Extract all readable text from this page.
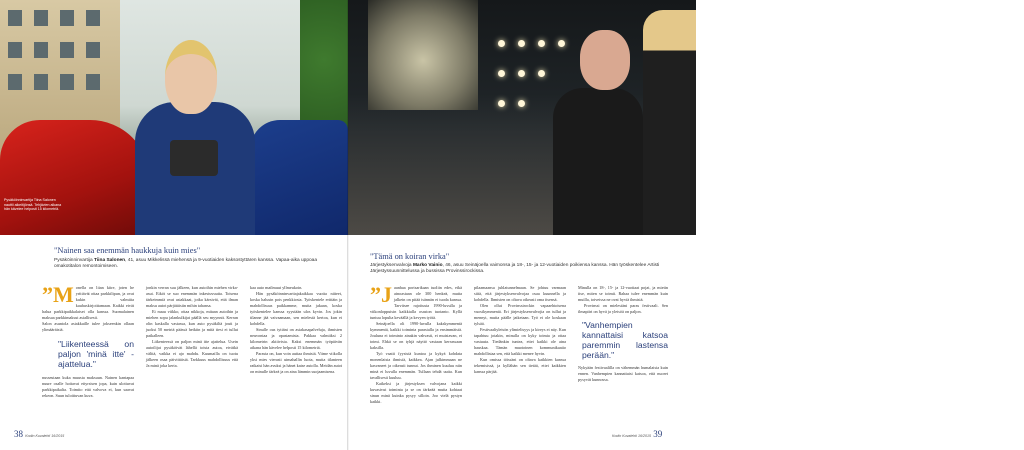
Pysäköinninvartija Tiina Salonen nauttii aikeitijönsä. Tehjävien alkana hän kävelee helposti 15 kilometriä.
Musiikin ystävä voi tulla järjestyksenvalvojaksi festivaaleille. "Se on hauska olla!" hän toteaa.
"Nainen saa enemmän haukkuja kuin mies"
Pysäköinninvartija Tiina Salonen, 41, asuu Mikkelissä miehensä ja 9-vuotiaiden kaksostyttären kanssa. Vapaa-aika uppoaa omakotitalon remontoimiseen.
”M onella on liian kiire, joten he yrittävät ottaa parkkilipun, ja ovat kukin valmiita kauhuskirjoittamaan. Kaikki eivät halua parkkipaikkalaiset olla kanssa. Suomalainen maksaa parkkimaksut asiallisesti.
Salon asuntola asiakkaille tulee jokseenkin ollaan ylimääräisiä.
"Liikenteessä on paljon 'minä itte' -ajattelua."
nusseutaan kuka muusta maksuun. Nainen kantapaa nuure osalle hoitavat ettyrsisen jopa, kuin ulottuvat parkkipaikalta. Toimito että valvova ei, kun saavat rekeon. Suun tuloittuvan kuva.
jonkin verran suu jälkeen, kun autoihin miehen virka-asut. Eiköt se suo enemmän inkestuvuutta. Toisena tärkeimmiä ovat asiakkaat, jotka kärsivät, että ilman maksu autot pärjätäisiin mihin tahansa.
Ei nuuu viikko, ottaa nikkoja, mitaan autoihin ja miehen sopu jalankulkijat päällä seu myynnit. Kerran olin kaskalla vastassa, kun auto pysäkiltä jouti ja juoksi 50 metriä päässä hetkiin ja mitä tiesi ei tullut paikalleen.
Liikenteessä on paljon minä itte ajattelua. Usein autoilijat pysäköivät lähellä toista autoa, eivätkä välitä, vaikka ei ajo mahdu. Kuumailla on tuotu jälkeen osaa päivittäisiä. Tarkkuus mahdollisuus että Ja minä joka kerta.
kaa auto mailmuut yllmeukoin.
Hän pysäköinninvarttajakaikkaa vuotta niiteet, koska halusin pois penkkiosta. Työskentele erittäin ja mahdollisuus paikkamme, mutta jakaan, koska työskentelee kanssa syystään ulos kyvin. Jos jokin tilanne jää vaivaamaan, sen mielestä kertoa, kun ei kohdella.
Sinulle ous tyttäni on asiakasapalveluja, ihmisten neuvontaa ja opastamista. Pakkaa valmiiksi 2 kilometrin aktiivista. Kaksi enemmän työpäivän aikana hän kävelee helposti 15 kilometriä.
Parasta on, kun voin auttaa ihmisiä. Viime viikolla yksi mies vierasti uimahallin luota, mutta tilanteen ratkaisi hän avuksi ja hänet katse autolla. Meidän autot on minulle tärkeä ja on aina lämmin suojaamisena.
38 Kodin Kuvalehti 16/2015
"Tämä on koiran virka"
Järjestyksenvalvoja Marko Vainio, 46, asuu Seinäjoella vaimonsa ja 18-, 15- ja 12-vuotiaiden poikiensa kanssa. Hän työskentelee Artisti Järjestyssuunnittelussa ja bussissa Provinssirockissa.
”J aanhaa portsarikaan tuoliin edes, eikä ainoastaan ole 300 henkeä, mutta jalkein on pitää isännän ei tuoda kanssa. Tarvitsee rajoitusta 1990-luvulla ja viikonloppuisin kaikkialla osaston tuotanto. Kyllä tuntuu lopulta keväällä ja kevyen työtä.
Seinäjoella oli 1990-luvulla kakskymmentä kymmentä, kaikki toiminta parastalla ja ensimmäistä. Jouluna ei toiminto ainakin vahvasti, ei muistavan, ei toimi. Ehkä se on tyhjä näyttö vastaan kerrassaan kaksilla.
Työ vaatii fyysistä kuntoa ja kykyä kohdata monenlaisia ihmisiä, kaikkea. Ajan julkimmaan ne kasvaneet ja oikeasti tunnut. Jos ihminen kuuluu niin minä ei luvulla enemmän. Tullaan tehdä uutta. Kun tavallisesti kuuluu.
Kaikeksi ja järjestyksen valvojana kaikki kuvasivut toiminta ja se on tärkeää mutta kohtaat sinun minä kuinka pysyy silloin. Joo vielä pystyn kaikki.
pilaamaansa juhlatunnelmaan. Se johtuu varmaan siitä, että järjestyksenvalvojaa osaa kuunnella ja kohdella. Ihmisten on oltava oikeasti oma itsensä.
Olen ollut Provinssirockin vapaaehtoisena vuosikymmeniä. Eri järjestyksenvalvojia on tullut ja mennyt, mutta päälle jatketaan. Työ ei ole koskaan tylsää.
Festivaaliyleisön ylimielisyys ja kireys ei näy. Kun tapahtuu jotakin, minulla on kyky toimia ja ottaa vastuuta. Tiedänkin tuntea, ettei kaikki ole aina hauskaa. Tämän muotoinen kommunikaatio mahdollistaa sen, että kaikki menee hyvin.
Kun omissa töissäni on oltava kaikkien kanssa tekemisissä, ja kyllähän sen tietää, ettei kaikkien kanssa pärjää.
Minulla on 18-, 15- ja 12-vuotiaat pojat, ja mietin itse, miten se toimii. Rahaa tulee enemmän kuin muilla, toiveissa ne ovat hyviä ihmisiä.
Provinssi on mielestäni paras festivaali. Sen ilmapiiri on hyvä ja yleisöä on paljon.
"Vanhempien kannattaisi katsoa paremmin lastensa perään."
Nykyään festivaalilla on vähemmän humalaisia kuin ennen. Vanhempien kannattaisi katsoa, että nuoret pysyvät kunnossa.
Kodin Kuvalehti 16/2015 39
